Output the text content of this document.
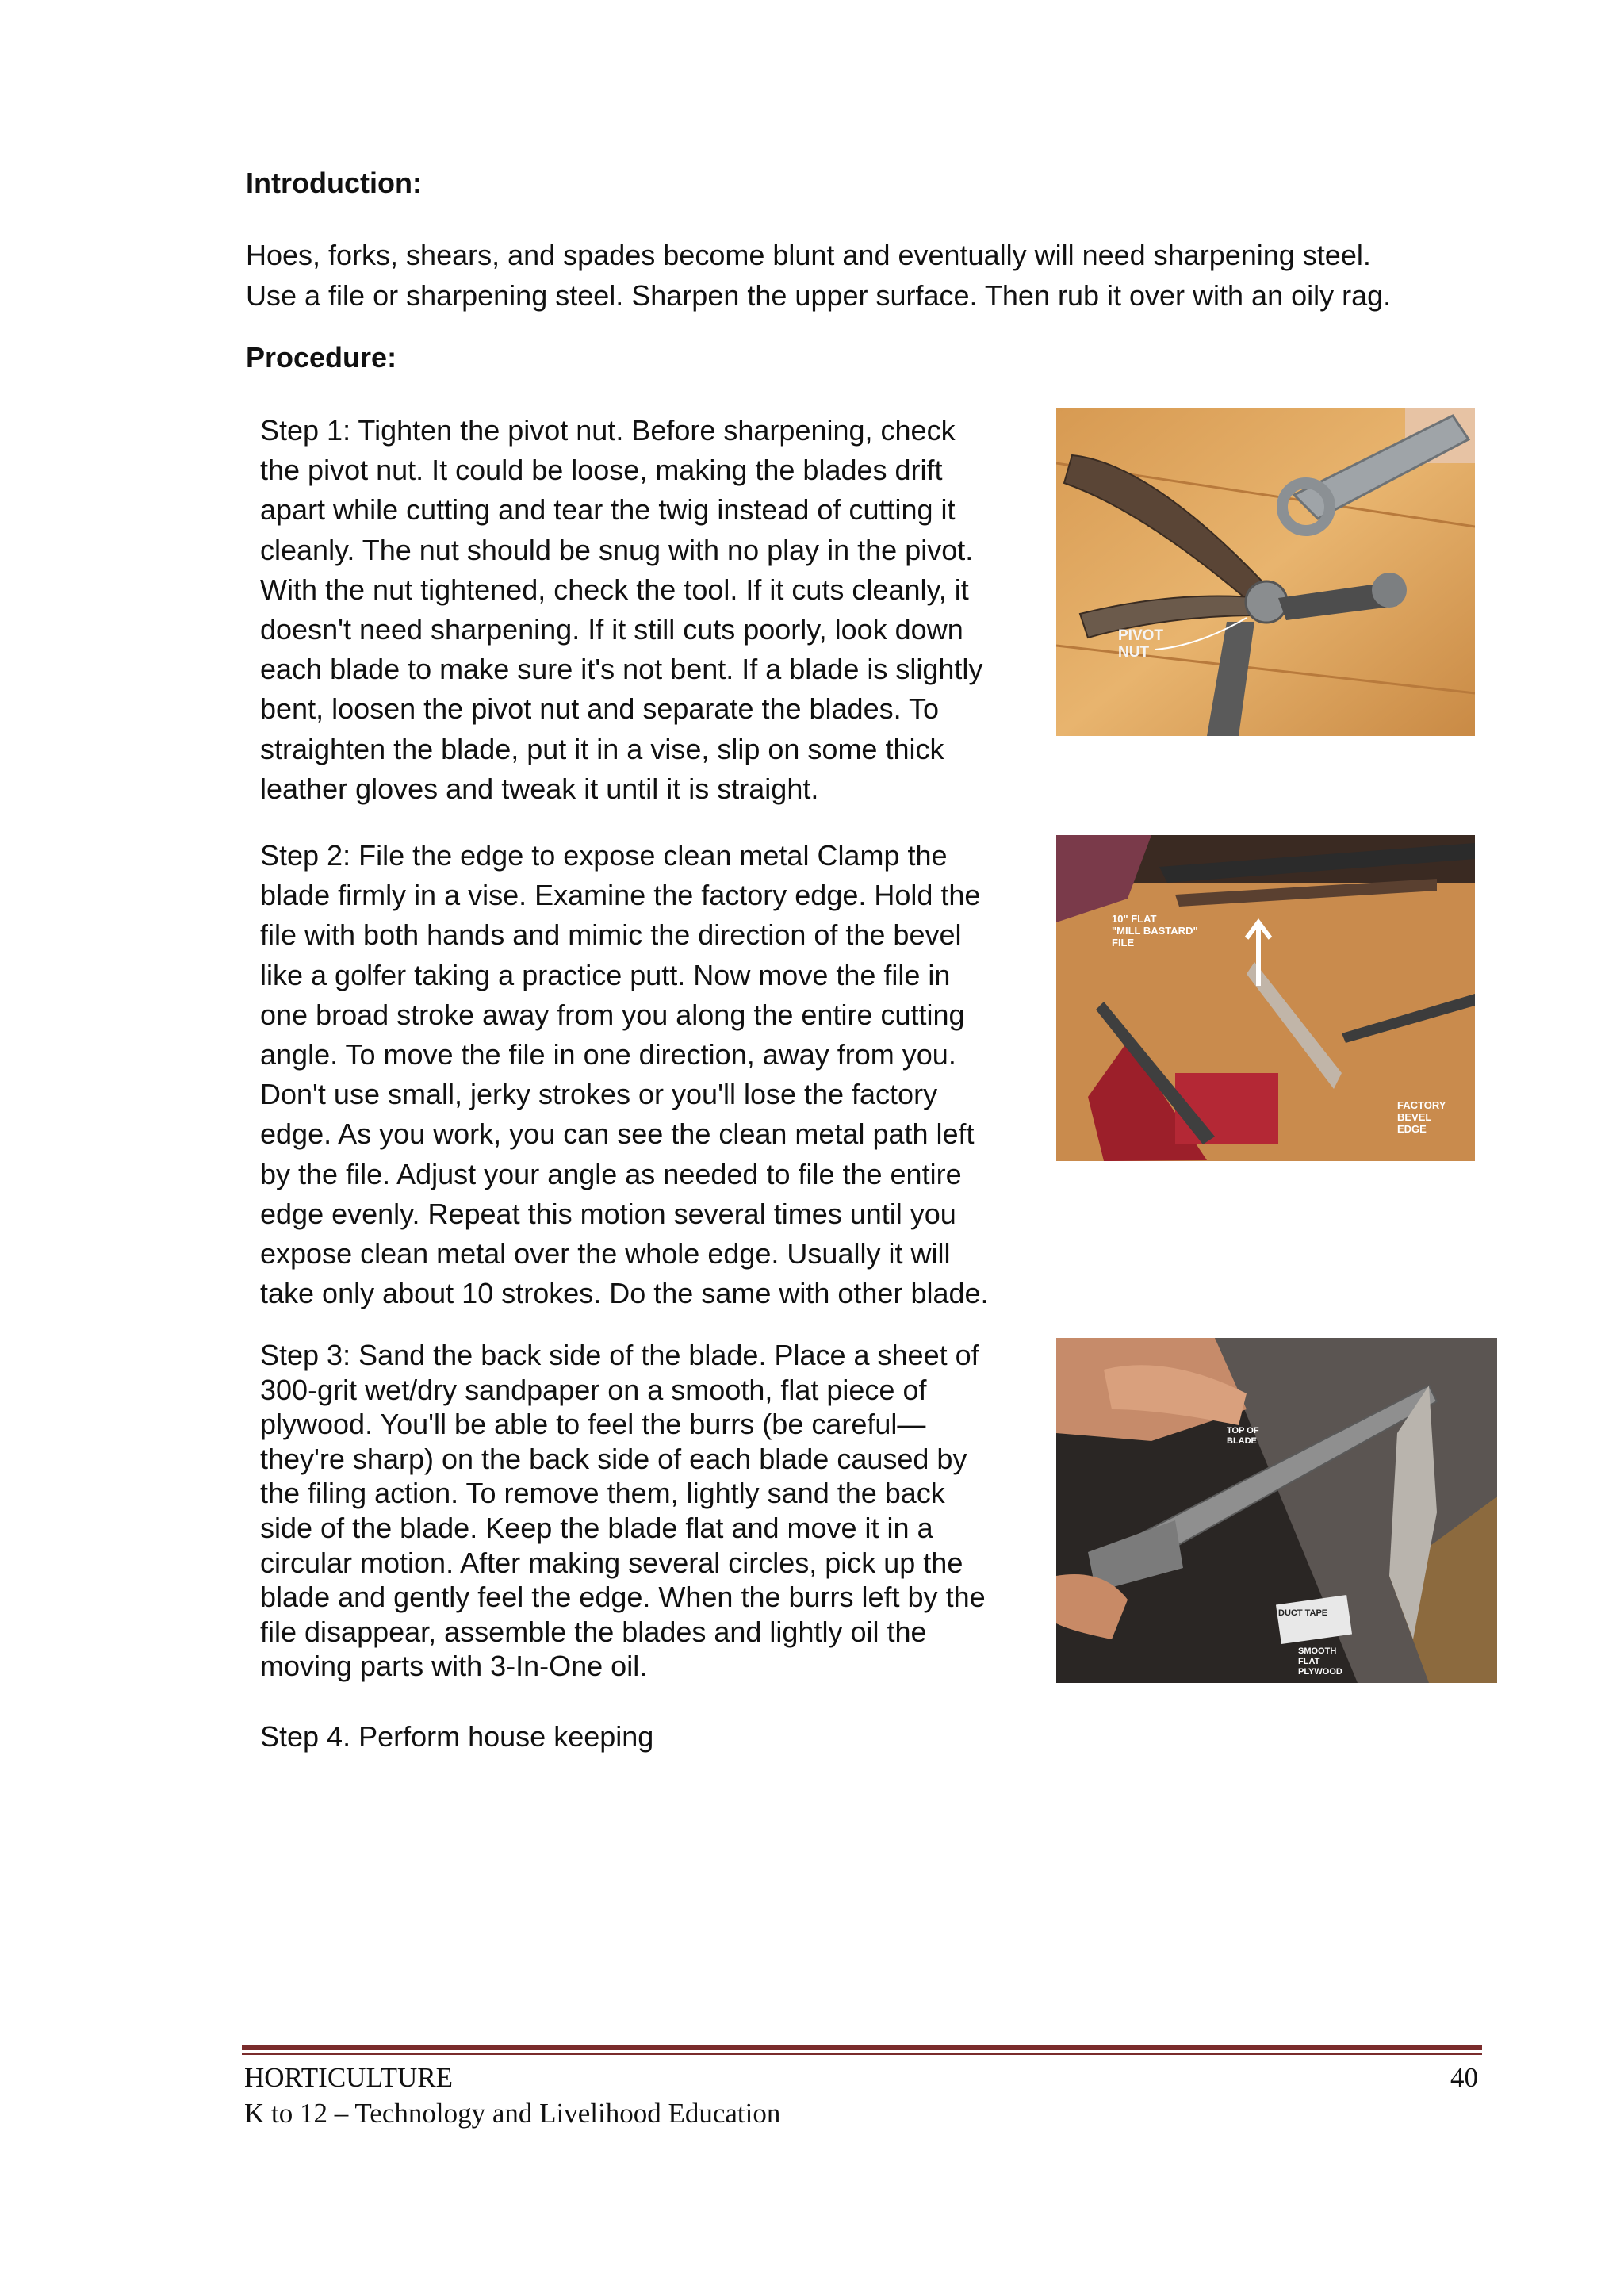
Introduction:

Hoes, forks, shears, and spades become blunt and eventually will need sharpening steel.
Use a file or sharpening steel. Sharpen the upper surface. Then rub it over with an oily rag.

Procedure:

Step 1: Tighten the pivot nut. Before sharpening, check
the pivot nut. It could be loose, making the blades drift
apart while cutting and tear the twig instead of cutting it
cleanly. The nut should be snug with no play in the pivot.
With the nut tightened, check the tool. If it cuts cleanly, it
doesn't need sharpening. If it still cuts poorly, look down
each blade to make sure it's not bent. If a blade is slightly
bent, loosen the pivot nut and separate the blades. To
straighten the blade, put it in a vise, slip on some thick
leather gloves and tweak it until it is straight.

PIVOT
NUT

Step 2: File the edge to expose clean metal Clamp the
blade firmly in a vise. Examine the factory edge. Hold the
file with both hands and mimic the direction of the bevel
like a golfer taking a practice putt. Now move the file in
one broad stroke away from you along the entire cutting
angle. To move the file in one direction, away from you.
Don't use small, jerky strokes or you'll lose the factory
edge. As you work, you can see the clean metal path left
by the file. Adjust your angle as needed to file the entire
edge evenly. Repeat this motion several times until you
expose clean metal over the whole edge. Usually it will
take only about 10 strokes. Do the same with other blade.

10" FLAT
"MILL BASTARD"
FILE
FACTORY
BEVEL
EDGE

Step 3: Sand the back side of the blade. Place a sheet of
300-grit wet/dry sandpaper on a smooth, flat piece of
plywood. You'll be able to feel the burrs (be careful—
they're sharp) on the back side of each blade caused by
the filing action. To remove them, lightly sand the back
side of the blade. Keep the blade flat and move it in a
circular motion. After making several circles, pick up the
blade and gently feel the edge. When the burrs left by the
file disappear, assemble the blades and lightly oil the
moving parts with 3-In-One oil.

TOP OF
BLADE
DUCT TAPE
SMOOTH
FLAT
PLYWOOD

Step 4. Perform house keeping

HORTICULTURE

K to 12 – Technology and Livelihood Education

40
